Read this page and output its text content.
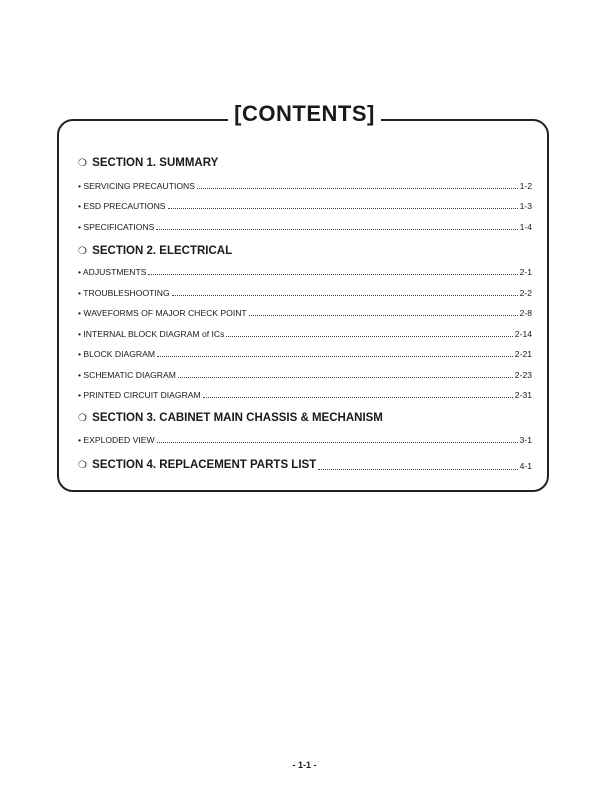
[CONTENTS]
❍ SECTION 1. SUMMARY
• SERVICING PRECAUTIONS	1-2
• ESD PRECAUTIONS	1-3
• SPECIFICATIONS	1-4
❍ SECTION 2. ELECTRICAL
• ADJUSTMENTS	2-1
• TROUBLESHOOTING	2-2
• WAVEFORMS OF MAJOR CHECK POINT	2-8
• INTERNAL BLOCK DIAGRAM of ICs	2-14
• BLOCK DIAGRAM	2-21
• SCHEMATIC DIAGRAM	2-23
• PRINTED CIRCUIT DIAGRAM	2-31
❍ SECTION 3. CABINET MAIN CHASSIS & MECHANISM
• EXPLODED VIEW	3-1
❍ SECTION 4. REPLACEMENT PARTS LIST	4-1
- 1-1 -
